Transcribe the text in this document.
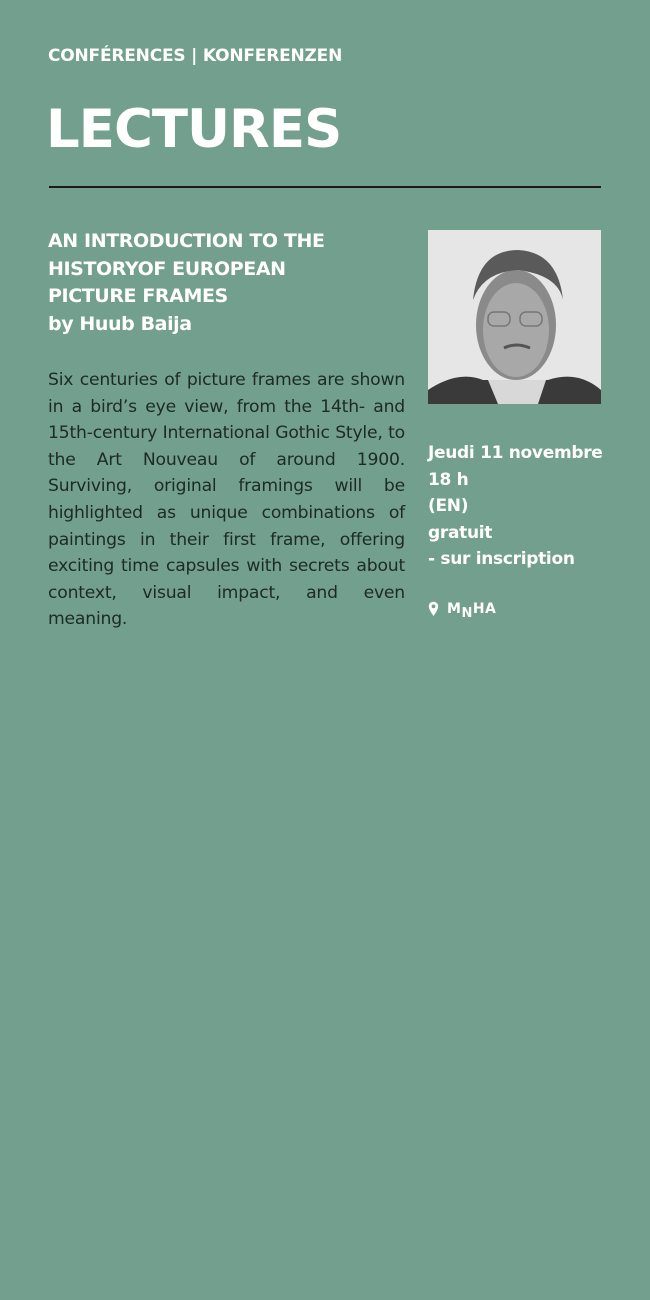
CONFÉRENCES | KONFERENZEN
LECTURES
AN INTRODUCTION TO THE
HISTORYOF EUROPEAN
PICTURE FRAMES
by Huub Baija
Six centuries of picture frames are shown in a bird’s eye view, from the 14th- and 15th-century International Gothic Style, to the Art Nouveau of around 1900. Surviving, original framings will be highlighted as unique combinations of paintings in their first frame, offering exciting time capsules with secrets about context, visual impact, and even meaning.
Jeudi 11 novembre
18 h
(EN)
gratuit
- sur inscription
M N HA
